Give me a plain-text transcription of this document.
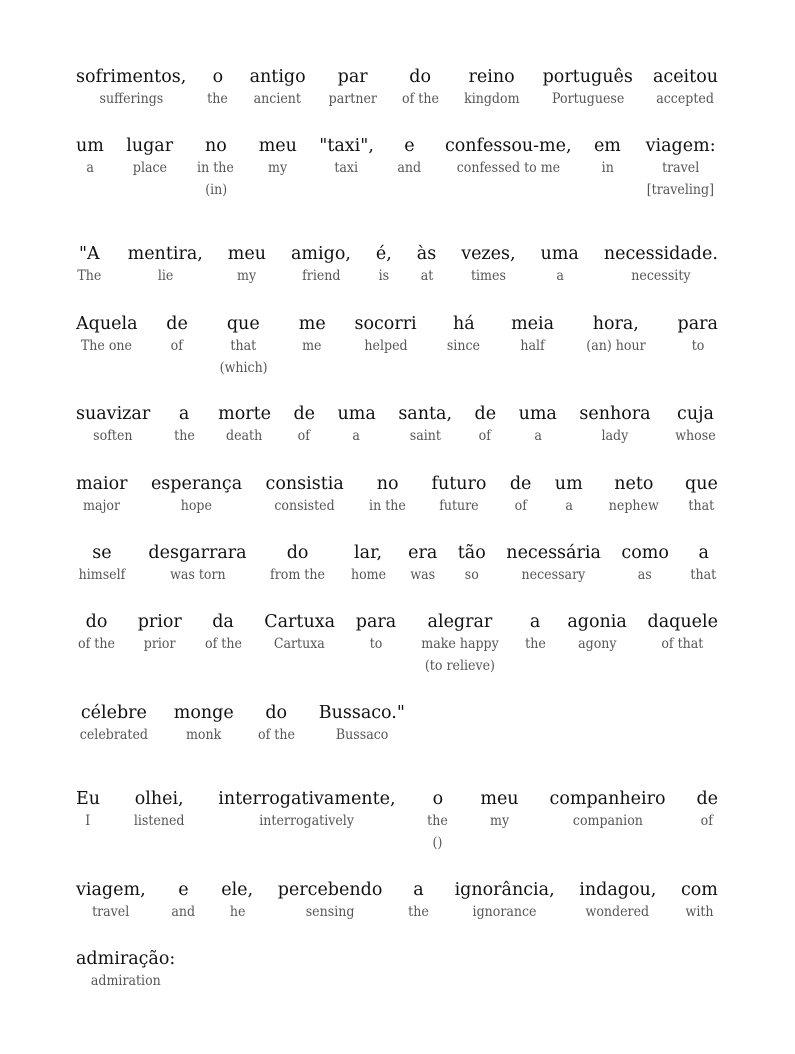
sofrimentos,
sufferings
o
the
antigo
ancient
par
partner
do
of the
reino
kingdom
português
Portuguese
aceitou
accepted
um
a
lugar
place
no
in the
(in)
meu
my
"taxi",
taxi
e
and
confessou-me,
confessed to me
em
in
viagem:
travel
[traveling]
"A
The
mentira,
lie
meu
my
amigo,
friend
é,
is
às
at
vezes,
times
uma
a
necessidade.
necessity
Aquela
The one
de
of
que
that
(which)
me
me
socorri
helped
há
since
meia
half
hora,
(an) hour
para
to
suavizar
soften
a
the
morte
death
de
of
uma
a
santa,
saint
de
of
uma
a
senhora
lady
cuja
whose
maior
major
esperança
hope
consistia
consisted
no
in the
futuro
future
de
of
um
a
neto
nephew
que
that
se
himself
desgarrara
was torn
do
from the
lar,
home
era
was
tão
so
necessária
necessary
como
as
a
that
do
of the
prior
prior
da
of the
Cartuxa
Cartuxa
para
to
alegrar
make happy
(to relieve)
a
the
agonia
agony
daquele
of that
célebre
celebrated
monge
monk
do
of the
Bussaco."
Bussaco
Eu
I
olhei,
listened
interrogativamente,
interrogatively
o
the
()
meu
my
companheiro
companion
de
of
viagem,
travel
e
and
ele,
he
percebendo
sensing
a
the
ignorância,
ignorance
indagou,
wondered
com
with
admiração:
admiration
